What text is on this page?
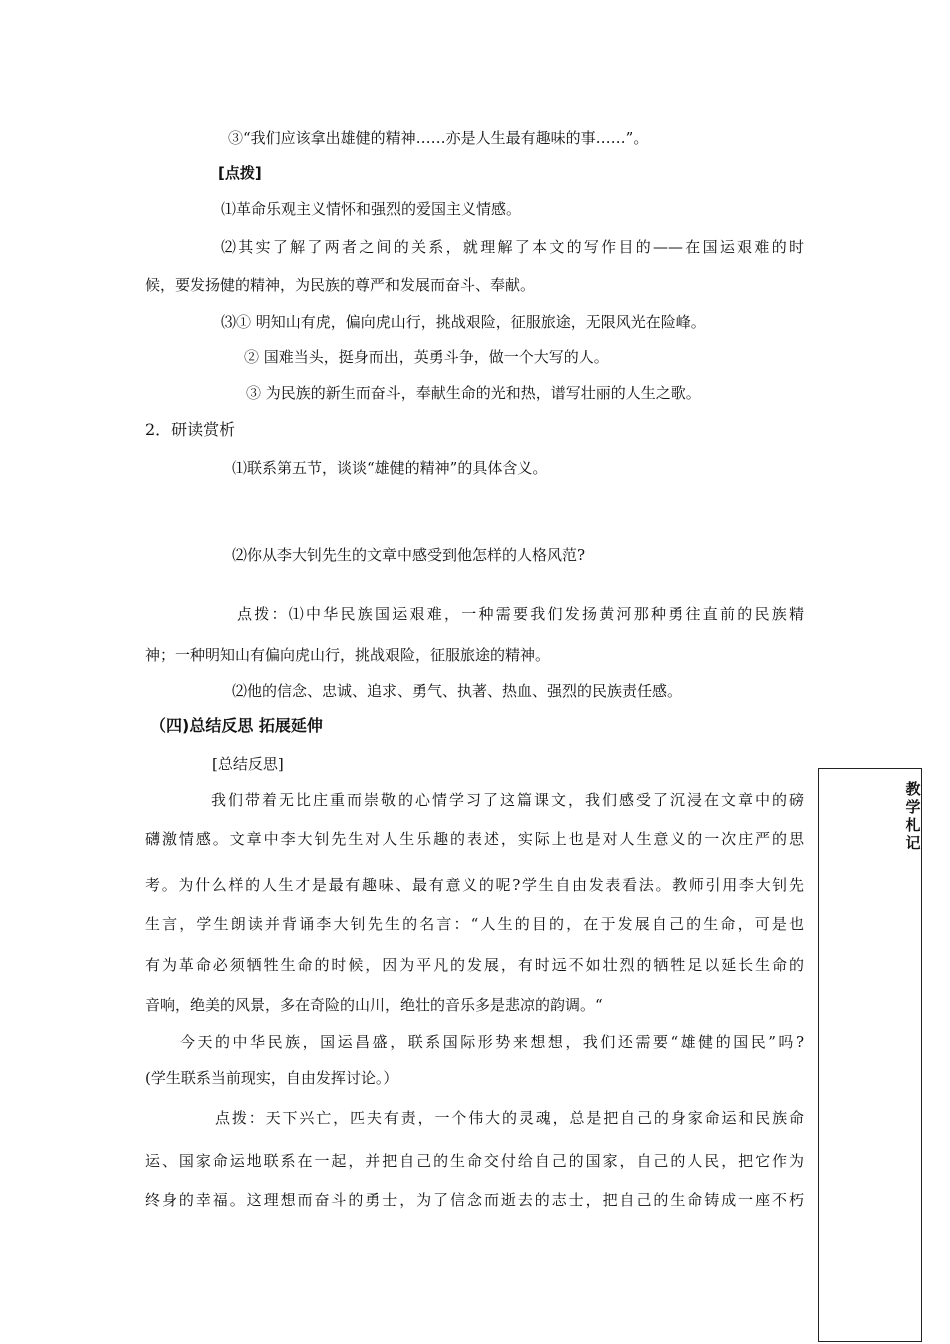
③“我们应该拿出雄健的精神……亦是人生最有趣味的事……”。
[点拨]
⑴革命乐观主义情怀和强烈的爱国主义情感。
⑵其实了解了两者之间的关系，就理解了本文的写作目的——在国运艰难的时
候，要发扬健的精神，为民族的尊严和发展而奋斗、奉献。
⑶① 明知山有虎，偏向虎山行，挑战艰险，征服旅途，无限风光在险峰。
② 国难当头，挺身而出，英勇斗争，做一个大写的人。
③ 为民族的新生而奋斗，奉献生命的光和热，谱写壮丽的人生之歌。
2．研读赏析
⑴联系第五节，谈谈“雄健的精神”的具体含义。
⑵你从李大钊先生的文章中感受到他怎样的人格风范?
点拨：⑴中华民族国运艰难，一种需要我们发扬黄河那种勇往直前的民族精
神；一种明知山有偏向虎山行，挑战艰险，征服旅途的精神。
⑵他的信念、忠诚、追求、勇气、执著、热血、强烈的民族责任感。
（四)总结反思 拓展延伸
[总结反思]
我们带着无比庄重而崇敬的心情学习了这篇课文，我们感受了沉浸在文章中的磅
礴激情感。文章中李大钊先生对人生乐趣的表述，实际上也是对人生意义的一次庄严的思
考。为什么样的人生才是最有趣味、最有意义的呢?学生自由发表看法。教师引用李大钊先
生言，学生朗读并背诵李大钊先生的名言：“人生的目的，在于发展自己的生命，可是也
有为革命必须牺牲生命的时候，因为平凡的发展，有时远不如壮烈的牺牲足以延长生命的
音响，绝美的风景，多在奇险的山川，绝壮的音乐多是悲凉的韵调。“
今天的中华民族，国运昌盛，联系国际形势来想想，我们还需要“雄健的国民”吗?
(学生联系当前现实，自由发挥讨论。）
点拨：天下兴亡，匹夫有责，一个伟大的灵魂，总是把自己的身家命运和民族命
运、国家命运地联系在一起，并把自己的生命交付给自己的国家，自己的人民，把它作为
终身的幸福。这理想而奋斗的勇士，为了信念而逝去的志士，把自己的生命铸成一座不朽
教
学
札
记
